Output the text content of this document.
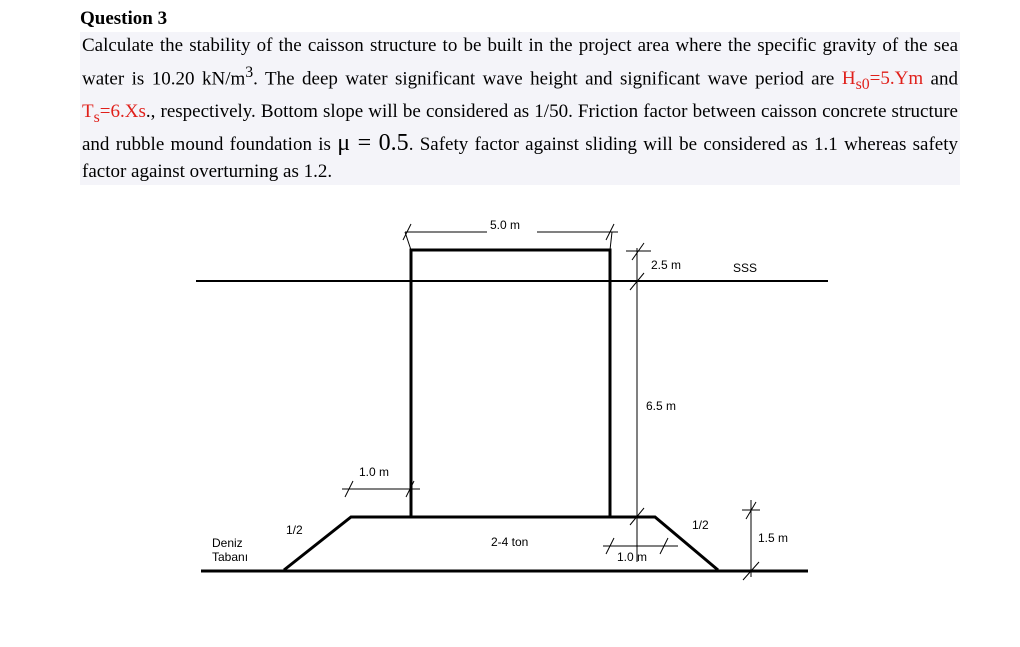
Question 3

Calculate the stability of the caisson structure to be built in the project area where the specific gravity of the sea water is 10.20 $kN/m^3$. The deep water significant wave height and significant wave period are $H_{s0}=5.Ym$ and $T_s=6.Xs$., respectively. Bottom slope will be considered as 1/50. Friction factor between caisson concrete structure and rubble mound foundation is μ = 0.5. Safety factor against sliding will be considered as 1.1 whereas safety factor against overturning as 1.2.

5.0 m
2.5 m	SSS
6.5 m
1.0 m
1.0 m
1.5 m
1/2	1/2
2-4 ton
Deniz
Tabanı
